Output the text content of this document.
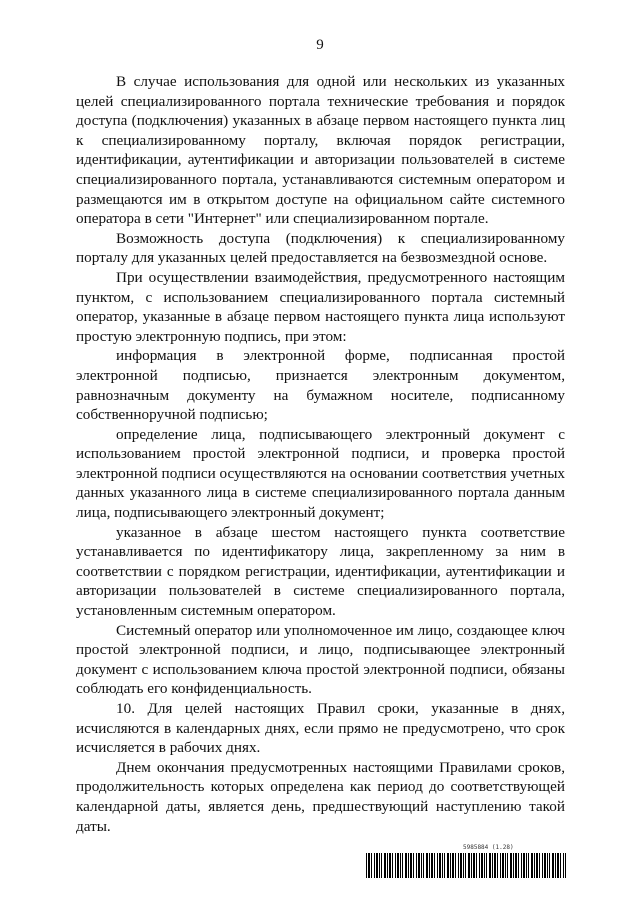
9

В случае использования для одной или нескольких из указанных целей специализированного портала технические требования и порядок доступа (подключения) указанных в абзаце первом настоящего пункта лиц к специализированному порталу, включая порядок регистрации, идентификации, аутентификации и авторизации пользователей в системе специализированного портала, устанавливаются системным оператором и размещаются им в открытом доступе на официальном сайте системного оператора в сети "Интернет" или специализированном портале.

Возможность доступа (подключения) к специализированному порталу для указанных целей предоставляется на безвозмездной основе.

При осуществлении взаимодействия, предусмотренного настоящим пунктом, с использованием специализированного портала системный оператор, указанные в абзаце первом настоящего пункта лица используют простую электронную подпись, при этом:

информация в электронной форме, подписанная простой электронной подписью, признается электронным документом, равнозначным документу на бумажном носителе, подписанному собственноручной подписью;

определение лица, подписывающего электронный документ с использованием простой электронной подписи, и проверка простой электронной подписи осуществляются на основании соответствия учетных данных указанного лица в системе специализированного портала данным лица, подписывающего электронный документ;

указанное в абзаце шестом настоящего пункта соответствие устанавливается по идентификатору лица, закрепленному за ним в соответствии с порядком регистрации, идентификации, аутентификации и авторизации пользователей в системе специализированного портала, установленным системным оператором.

Системный оператор или уполномоченное им лицо, создающее ключ простой электронной подписи, и лицо, подписывающее электронный документ с использованием ключа простой электронной подписи, обязаны соблюдать его конфиденциальность.

10. Для целей настоящих Правил сроки, указанные в днях, исчисляются в календарных днях, если прямо не предусмотрено, что срок исчисляется в рабочих днях.

Днем окончания предусмотренных настоящими Правилами сроков, продолжительность которых определена как период до соответствующей календарной даты, является день, предшествующий наступлению такой даты.

5985884 (1.28)
